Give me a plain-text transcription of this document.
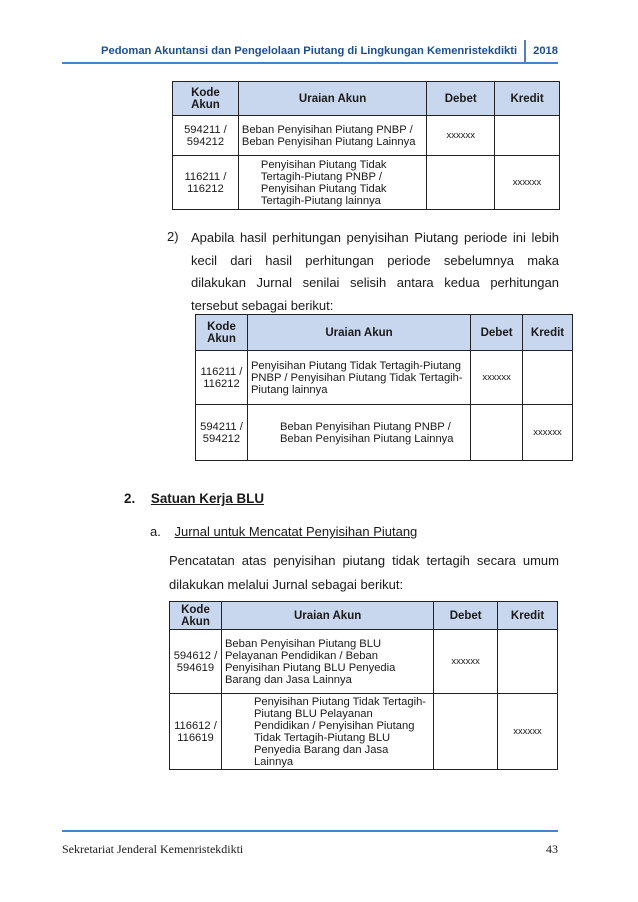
Pedoman Akuntansi dan Pengelolaan Piutang di Lingkungan Kemenristekdikti	2018
Kode Akun	Uraian Akun	Debet	Kredit
594211 / 594212	Beban Penyisihan Piutang PNBP / Beban Penyisihan Piutang Lainnya	xxxxxx	
116211 / 116212	Penyisihan Piutang Tidak Tertagih-Piutang PNBP / Penyisihan Piutang Tidak Tertagih-Piutang lainnya		xxxxxx
2) Apabila hasil perhitungan penyisihan Piutang periode ini lebih kecil dari hasil perhitungan periode sebelumnya maka dilakukan Jurnal senilai selisih antara kedua perhitungan tersebut sebagai berikut:
Kode Akun	Uraian Akun	Debet	Kredit
116211 / 116212	Penyisihan Piutang Tidak Tertagih-Piutang PNBP / Penyisihan Piutang Tidak Tertagih-Piutang lainnya	xxxxxx	
594211 / 594212	Beban Penyisihan Piutang PNBP / Beban Penyisihan Piutang Lainnya		xxxxxx
2. Satuan Kerja BLU
a. Jurnal untuk Mencatat Penyisihan Piutang
Pencatatan atas penyisihan piutang tidak tertagih secara umum dilakukan melalui Jurnal sebagai berikut:
Kode Akun	Uraian Akun	Debet	Kredit
594612 / 594619	Beban Penyisihan Piutang BLU Pelayanan Pendidikan / Beban Penyisihan Piutang BLU Penyedia Barang dan Jasa Lainnya	xxxxxx	
116612 / 116619	Penyisihan Piutang Tidak Tertagih-Piutang BLU Pelayanan Pendidikan / Penyisihan Piutang Tidak Tertagih-Piutang BLU Penyedia Barang dan Jasa Lainnya		xxxxxx
Sekretariat Jenderal Kemenristekdikti	43
